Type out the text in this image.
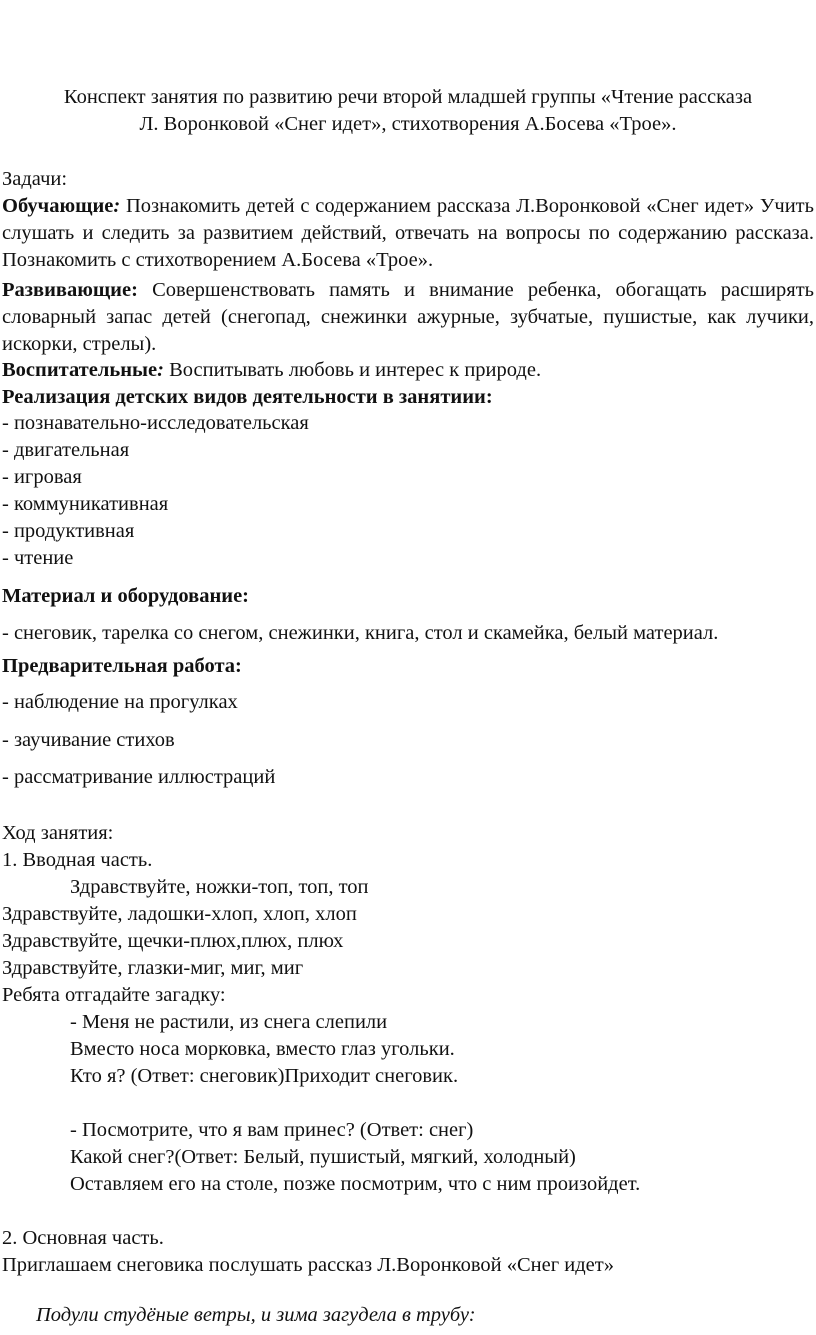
Конспект занятия по развитию речи второй младшей группы «Чтение рассказа
Л. Воронковой «Снег идет», стихотворения А.Босева «Трое».
Задачи:
Обучающие: Познакомить детей с содержанием рассказа Л.Воронковой «Снег идет» Учить слушать и следить за развитием действий, отвечать на вопросы по содержанию рассказа. Познакомить с стихотворением А.Босева «Трое».
Развивающие: Совершенствовать память и внимание ребенка, обогащать расширять словарный запас детей (снегопад, снежинки ажурные, зубчатые, пушистые, как лучики, искорки, стрелы).
Воспитательные: Воспитывать любовь и интерес к природе.
Реализация детских видов деятельности в занятиии:
- познавательно-исследовательская
- двигательная
- игровая
- коммуникативная
- продуктивная
- чтение
Материал и оборудование:
- снеговик, тарелка со снегом, снежинки, книга, стол и скамейка, белый материал.
Предварительная работа:
- наблюдение на прогулках
- заучивание стихов
- рассматривание иллюстраций
Ход занятия:
1. Вводная часть.
Здравствуйте, ножки-топ, топ, топ
Здравствуйте, ладошки-хлоп, хлоп, хлоп
Здравствуйте, щечки-плюх,плюх, плюх
Здравствуйте, глазки-миг, миг, миг
Ребята отгадайте загадку:
- Меня не растили, из снега слепили
Вместо носа морковка, вместо глаз угольки.
Кто я? (Ответ: снеговик)Приходит снеговик.
- Посмотрите, что я вам принес? (Ответ: снег)
Какой снег?(Ответ: Белый, пушистый, мягкий, холодный)
Оставляем его на столе, позже посмотрим, что с ним произойдет.
2. Основная часть.
Приглашаем снеговика послушать рассказ Л.Воронковой «Снег идет»
Подули студёные ветры, и зима загудела в трубу:
